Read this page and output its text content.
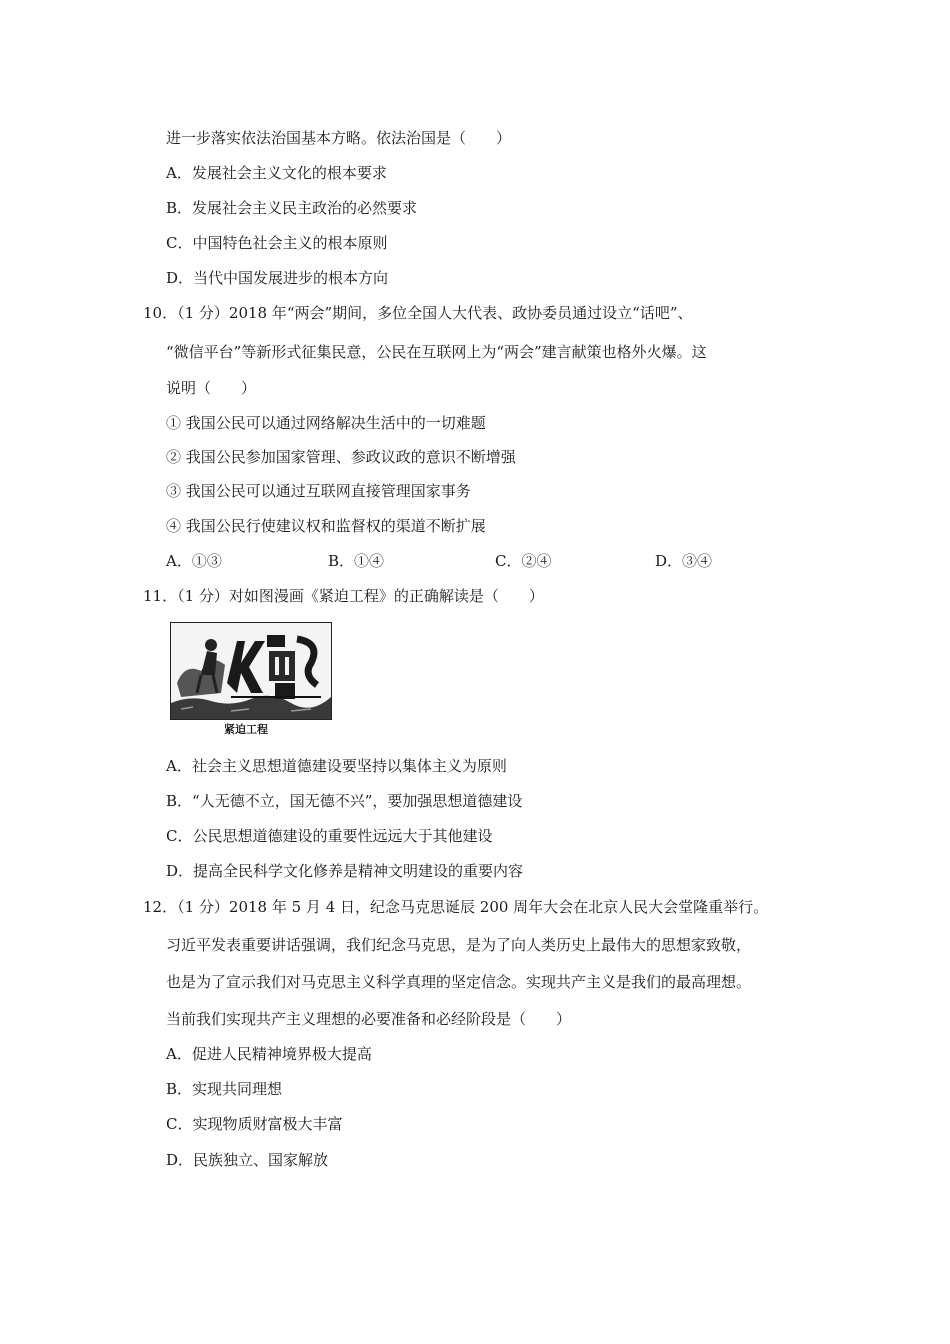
进一步落实依法治国基本方略。依法治国是（　　）
A．发展社会主义文化的根本要求
B．发展社会主义民主政治的必然要求
C．中国特色社会主义的根本原则
D．当代中国发展进步的根本方向
10．（1 分）2018 年“两会”期间，多位全国人大代表、政协委员通过设立“话吧”、
“微信平台”等新形式征集民意，公民在互联网上为“两会”建言献策也格外火爆。这
说明（　　）
① 我国公民可以通过网络解决生活中的一切难题
② 我国公民参加国家管理、参政议政的意识不断增强
③ 我国公民可以通过互联网直接管理国家事务
④ 我国公民行使建议权和监督权的渠道不断扩展
A．①③	B．①④	C．②④	D．③④
11．（1 分）对如图漫画《紧迫工程》的正确解读是（　　）
紧迫工程
A．社会主义思想道德建设要坚持以集体主义为原则
B．“人无德不立，国无德不兴”，要加强思想道德建设
C．公民思想道德建设的重要性远远大于其他建设
D．提高全民科学文化修养是精神文明建设的重要内容
12．（1 分）2018 年 5 月 4 日，纪念马克思诞辰 200 周年大会在北京人民大会堂隆重举行。
习近平发表重要讲话强调，我们纪念马克思，是为了向人类历史上最伟大的思想家致敬，
也是为了宣示我们对马克思主义科学真理的坚定信念。实现共产主义是我们的最高理想。
当前我们实现共产主义理想的必要准备和必经阶段是（　　）
A．促进人民精神境界极大提高
B．实现共同理想
C．实现物质财富极大丰富
D．民族独立、国家解放
